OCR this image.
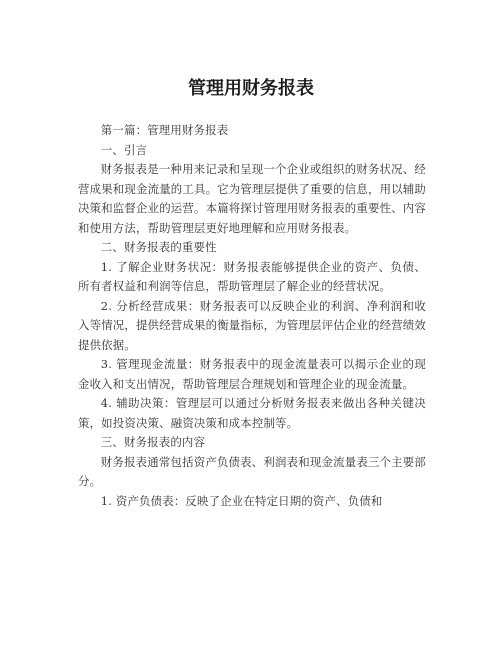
管理用财务报表

第一篇：管理用财务报表

一、引言

财务报表是一种用来记录和呈现一个企业或组织的财务状况、经营成果和现金流量的工具。它为管理层提供了重要的信息，用以辅助决策和监督企业的运营。本篇将探讨管理用财务报表的重要性、内容和使用方法，帮助管理层更好地理解和应用财务报表。

二、财务报表的重要性

1. 了解企业财务状况：财务报表能够提供企业的资产、负债、所有者权益和利润等信息，帮助管理层了解企业的经营状况。

2. 分析经营成果：财务报表可以反映企业的利润、净利润和收入等情况，提供经营成果的衡量指标，为管理层评估企业的经营绩效提供依据。

3. 管理现金流量：财务报表中的现金流量表可以揭示企业的现金收入和支出情况，帮助管理层合理规划和管理企业的现金流量。

4. 辅助决策：管理层可以通过分析财务报表来做出各种关键决策，如投资决策、融资决策和成本控制等。

三、财务报表的内容

财务报表通常包括资产负债表、利润表和现金流量表三个主要部分。

1. 资产负债表：反映了企业在特定日期的资产、负债和
